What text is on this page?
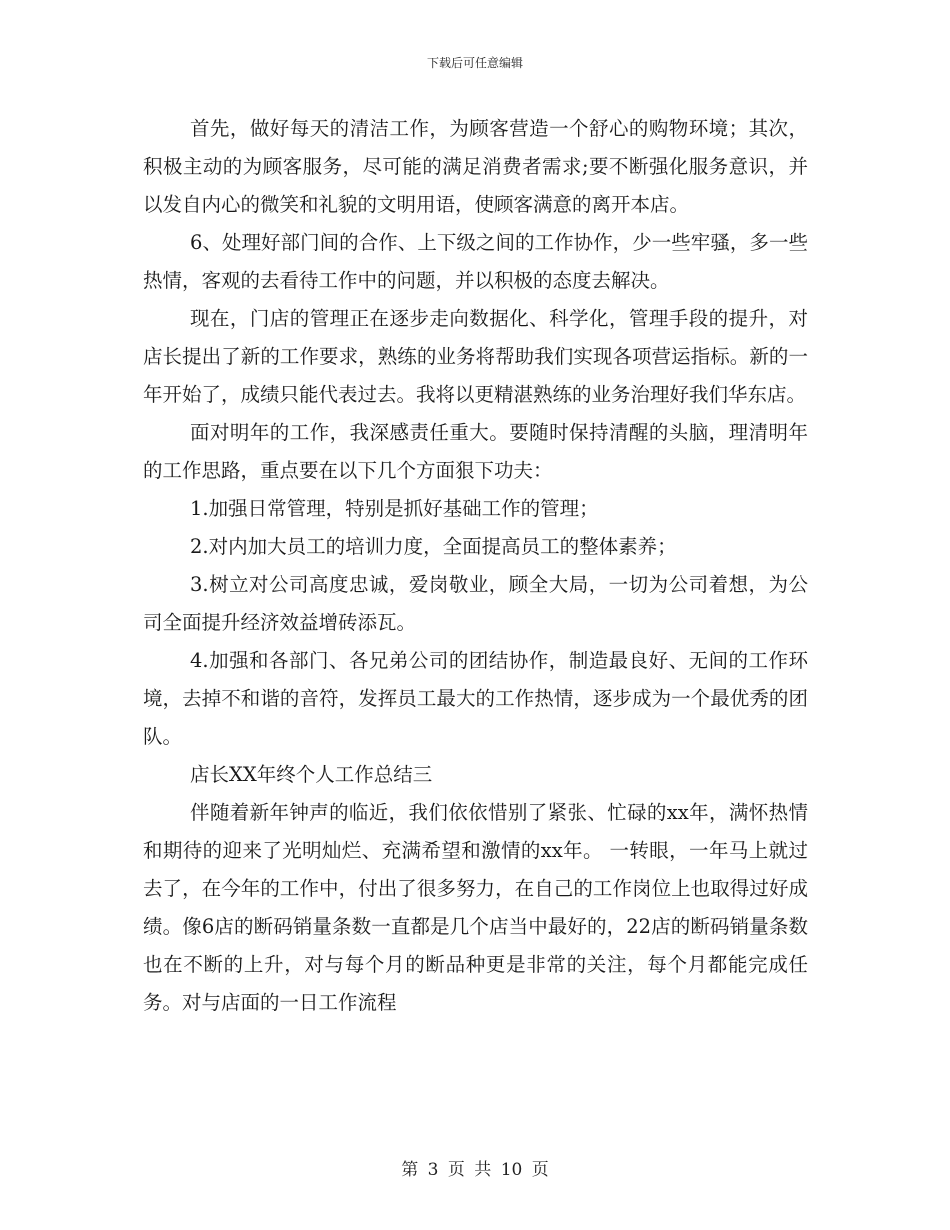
下载后可任意编辑

首先，做好每天的清洁工作，为顾客营造一个舒心的购物环境；其次，积极主动的为顾客服务，尽可能的满足消费者需求;要不断强化服务意识，并以发自内心的微笑和礼貌的文明用语，使顾客满意的离开本店。

6、处理好部门间的合作、上下级之间的工作协作，少一些牢骚，多一些热情，客观的去看待工作中的问题，并以积极的态度去解决。

现在，门店的管理正在逐步走向数据化、科学化，管理手段的提升，对店长提出了新的工作要求，熟练的业务将帮助我们实现各项营运指标。新的一年开始了，成绩只能代表过去。我将以更精湛熟练的业务治理好我们华东店。

面对明年的工作，我深感责任重大。要随时保持清醒的头脑，理清明年的工作思路，重点要在以下几个方面狠下功夫：

1.加强日常管理，特别是抓好基础工作的管理；

2.对内加大员工的培训力度，全面提高员工的整体素养；

3.树立对公司高度忠诚，爱岗敬业，顾全大局，一切为公司着想，为公司全面提升经济效益增砖添瓦。

4.加强和各部门、各兄弟公司的团结协作，制造最良好、无间的工作环境，去掉不和谐的音符，发挥员工最大的工作热情，逐步成为一个最优秀的团队。

店长XX年终个人工作总结三

伴随着新年钟声的临近，我们依依惜别了紧张、忙碌的xx年，满怀热情和期待的迎来了光明灿烂、充满希望和激情的xx年。 一转眼，一年马上就过去了，在今年的工作中，付出了很多努力，在自己的工作岗位上也取得过好成绩。像6店的断码销量条数一直都是几个店当中最好的，22店的断码销量条数也在不断的上升，对与每个月的断品种更是非常的关注，每个月都能完成任务。对与店面的一日工作流程

第 3 页 共 10 页
